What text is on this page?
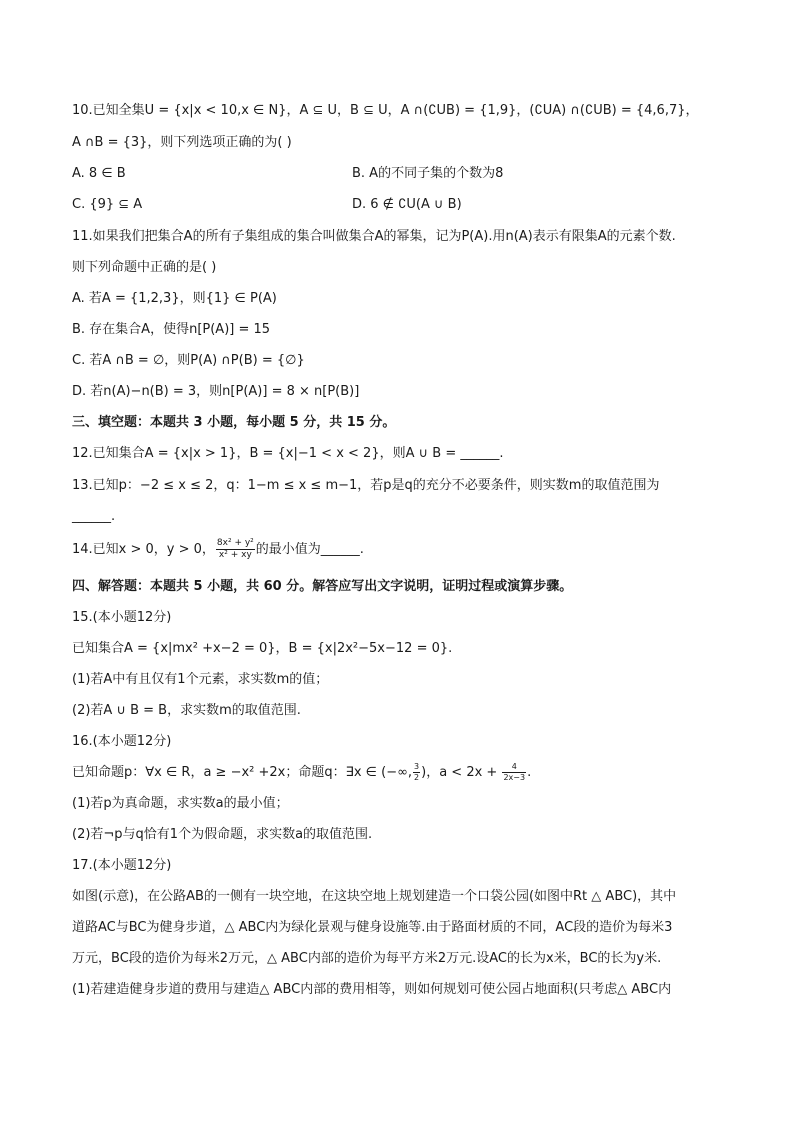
10.已知全集U = {x|x < 10,x ∈ N}，A ⊆ U，B ⊆ U，A ∩(∁UB) = {1,9}，(∁UA) ∩(∁UB) = {4,6,7}，
A ∩B = {3}，则下列选项正确的为( )
A. 8 ∈ B	B. A的不同子集的个数为8
C. {9} ⊆ A	D. 6 ∉ ∁U(A ∪ B)
11.如果我们把集合A的所有子集组成的集合叫做集合A的幂集，记为P(A).用n(A)表示有限集A的元素个数.
则下列命题中正确的是( )
A. 若A = {1,2,3}，则{1} ∈ P(A)
B. 存在集合A，使得n[P(A)] = 15
C. 若A ∩B = ∅，则P(A) ∩P(B) = {∅}
D. 若n(A)−n(B) = 3，则n[P(A)] = 8 × n[P(B)]
三、填空题：本题共 3 小题，每小题 5 分，共 15 分。
12.已知集合A = {x|x > 1}，B = {x|−1 < x < 2}，则A ∪ B = ______.
13.已知p：−2 ≤ x ≤ 2，q：1−m ≤ x ≤ m−1，若p是q的充分不必要条件，则实数m的取值范围为
______.
14.已知x > 0，y > 0， $\frac{\text{8x² + y²}}{\text{x² + xy}}$ 的最小值为______.
四、解答题：本题共 5 小题，共 60 分。解答应写出文字说明，证明过程或演算步骤。
15.(本小题12分)
已知集合A = {x|mx² +x−2 = 0}，B = {x|2x²−5x−12 = 0}.
(1)若A中有且仅有1个元素，求实数m的值；
(2)若A ∪ B = B，求实数m的取值范围.
16.(本小题12分)
已知命题p：∀x ∈ R，a ≥ −x² +2x；命题q：∃x ∈ (−∞, $\frac{3}{2}$ )，$a < 2x + \frac{4}{2x-3}$ .
(1)若p为真命题，求实数a的最小值；
(2)若¬p与q恰有1个为假命题，求实数a的取值范围.
17.(本小题12分)
如图(示意)，在公路AB的一侧有一块空地，在这块空地上规划建造一个口袋公园(如图中Rt △ ABC)，其中
道路AC与BC为健身步道，△ ABC内为绿化景观与健身设施等.由于路面材质的不同，AC段的造价为每米3
万元，BC段的造价为每米2万元，△ ABC内部的造价为每平方米2万元.设AC的长为x米，BC的长为y米.
(1)若建造健身步道的费用与建造△ ABC内部的费用相等，则如何规划可使公园占地面积(只考虑△ ABC内
